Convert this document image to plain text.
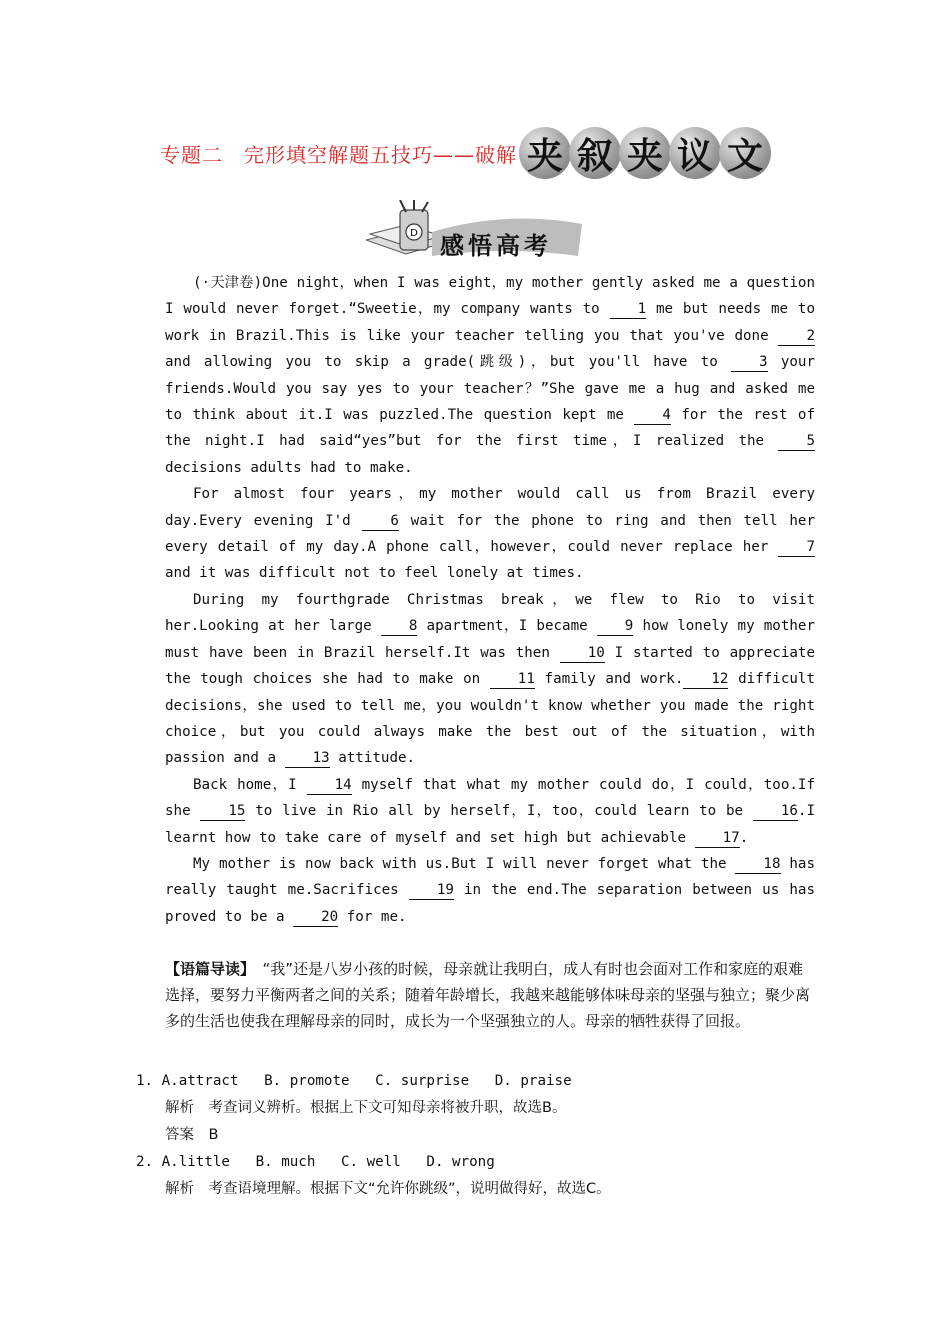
专题二　完形填空解题五技巧——破解 夹 叙 夹 议 文
D 感悟高考

(·天津卷)One night，when I was eight，my mother gently asked me a question I would never forget.“Sweetie，my company wants to 1 me but needs me to work in Brazil.This is like your teacher telling you that you've done 2 and allowing you to skip a grade(跳级)，but you'll have to 3 your friends.Would you say yes to your teacher？”She gave me a hug and asked me to think about it.I was puzzled.The question kept me 4 for the rest of the night.I had said“yes”but for the first time，I realized the 5 decisions adults had to make.

For almost four years，my mother would call us from Brazil every day.Every evening I'd 6 wait for the phone to ring and then tell her every detail of my day.A phone call，however，could never replace her 7 and it was difficult not to feel lonely at times.

During my fourthgrade Christmas break，we flew to Rio to visit her.Looking at her large 8 apartment，I became 9 how lonely my mother must have been in Brazil herself.It was then 10 I started to appreciate the tough choices she had to make on 11 family and work. 12 difficult decisions，she used to tell me，you wouldn't know whether you made the right choice，but you could always make the best out of the situation，with passion and a 13 attitude.

Back home，I 14 myself that what my mother could do，I could，too.If she 15 to live in Rio all by herself，I，too，could learn to be 16.I learnt how to take care of myself and set high but achievable 17.

My mother is now back with us.But I will never forget what the 18 has really taught me.Sacrifices 19 in the end.The separation between us has proved to be a 20 for me.

【语篇导读】　 “我”还是八岁小孩的时候，母亲就让我明白，成人有时也会面对工作和家庭的艰难选择，要努力平衡两者之间的关系；随着年龄增长，我越来越能够体味母亲的坚强与独立；聚少离多的生活也使我在理解母亲的同时，成长为一个坚强独立的人。母亲的牺牲获得了回报。

1. A.attract   B. promote   C. surprise   D. praise
解析　考查词义辨析。根据上下文可知母亲将被升职，故选B。
答案　B
2. A.little   B. much   C. well   D. wrong
解析　考查语境理解。根据下文“允许你跳级”，说明做得好，故选C。
